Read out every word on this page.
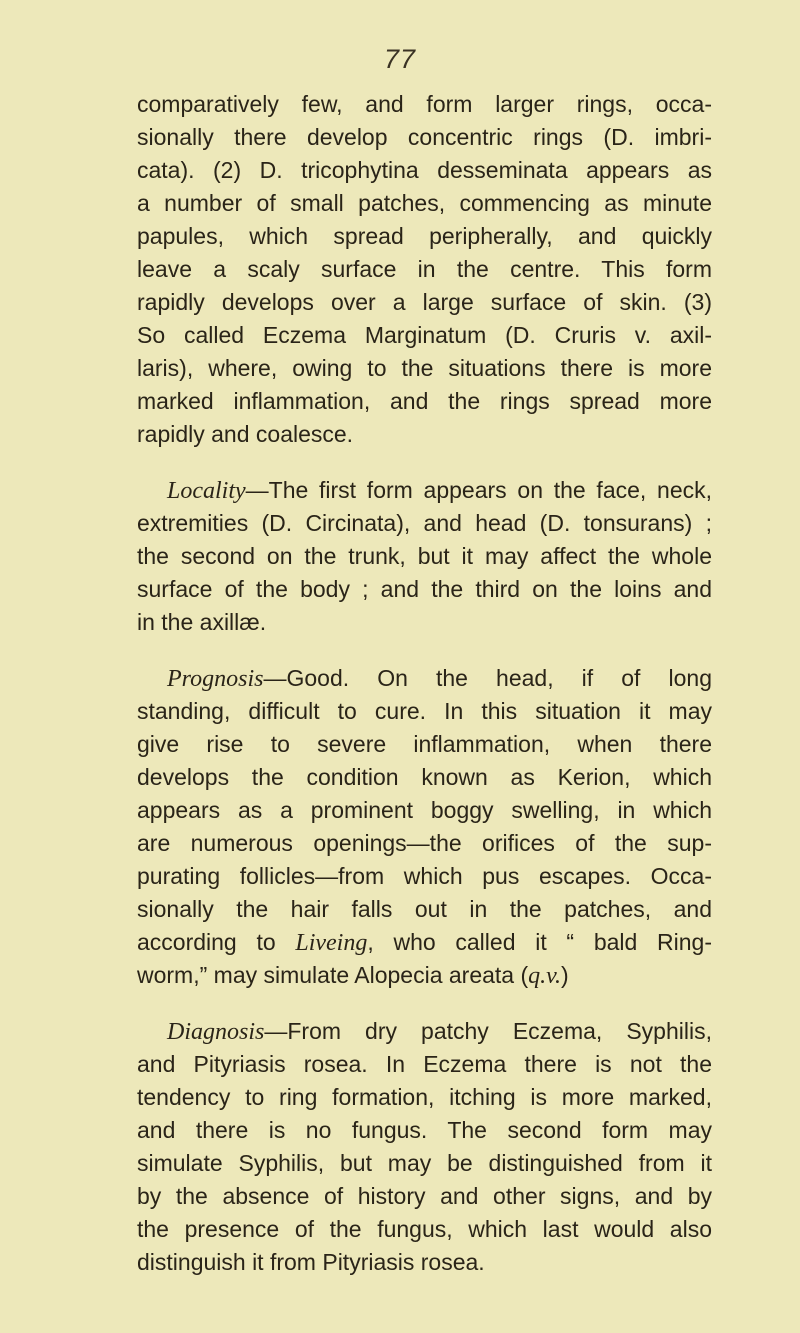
77
comparatively few, and form larger rings, occa-
sionally there develop concentric rings (D. imbri-
cata). (2) D. tricophytina desseminata appears as
a number of small patches, commencing as minute
papules, which spread peripherally, and quickly
leave a scaly surface in the centre. This form
rapidly develops over a large surface of skin. (3)
So called Eczema Marginatum (D. Cruris v. axil-
laris), where, owing to the situations there is more
marked inflammation, and the rings spread more
rapidly and coalesce.
Locality—The first form appears on the face, neck,
extremities (D. Circinata), and head (D. tonsurans) ;
the second on the trunk, but it may affect the whole
surface of the body ; and the third on the loins and
in the axillæ.
Prognosis—Good. On the head, if of long
standing, difficult to cure. In this situation it may
give rise to severe inflammation, when there
develops the condition known as Kerion, which
appears as a prominent boggy swelling, in which
are numerous openings—the orifices of the sup-
purating follicles—from which pus escapes. Occa-
sionally the hair falls out in the patches, and
according to Liveing, who called it “ bald Ring-
worm,” may simulate Alopecia areata (q.v.)
Diagnosis—From dry patchy Eczema, Syphilis,
and Pityriasis rosea. In Eczema there is not the
tendency to ring formation, itching is more marked,
and there is no fungus. The second form may
simulate Syphilis, but may be distinguished from it
by the absence of history and other signs, and by
the presence of the fungus, which last would also
distinguish it from Pityriasis rosea.
